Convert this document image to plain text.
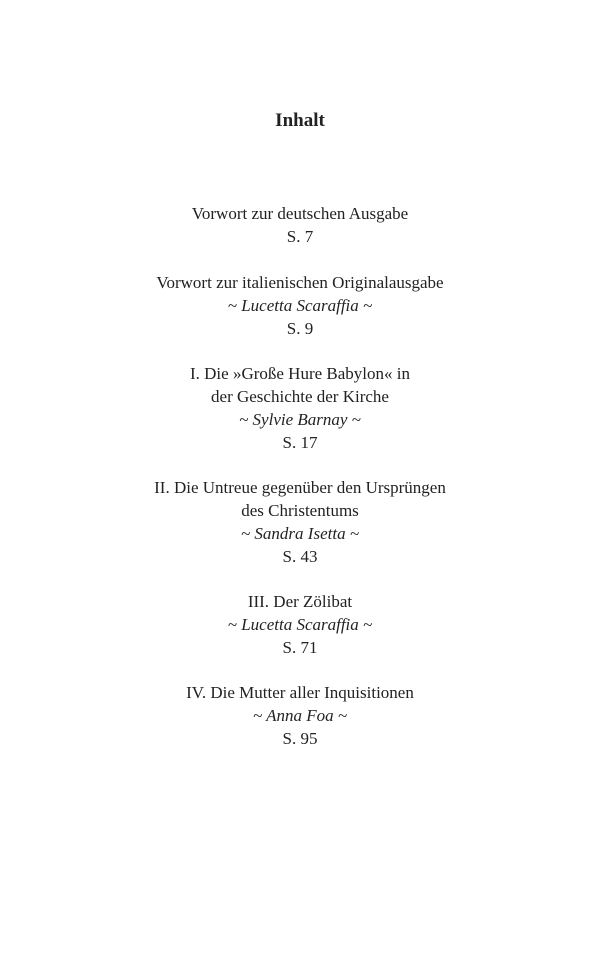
Inhalt
Vorwort zur deutschen Ausgabe
S. 7
Vorwort zur italienischen Originalausgabe
~ Lucetta Scaraffia ~
S. 9
I. Die »Große Hure Babylon« in
der Geschichte der Kirche
~ Sylvie Barnay ~
S. 17
II. Die Untreue gegenüber den Ursprüngen
des Christentums
~ Sandra Isetta ~
S. 43
III. Der Zölibat
~ Lucetta Scaraffia ~
S. 71
IV. Die Mutter aller Inquisitionen
~ Anna Foa ~
S. 95
